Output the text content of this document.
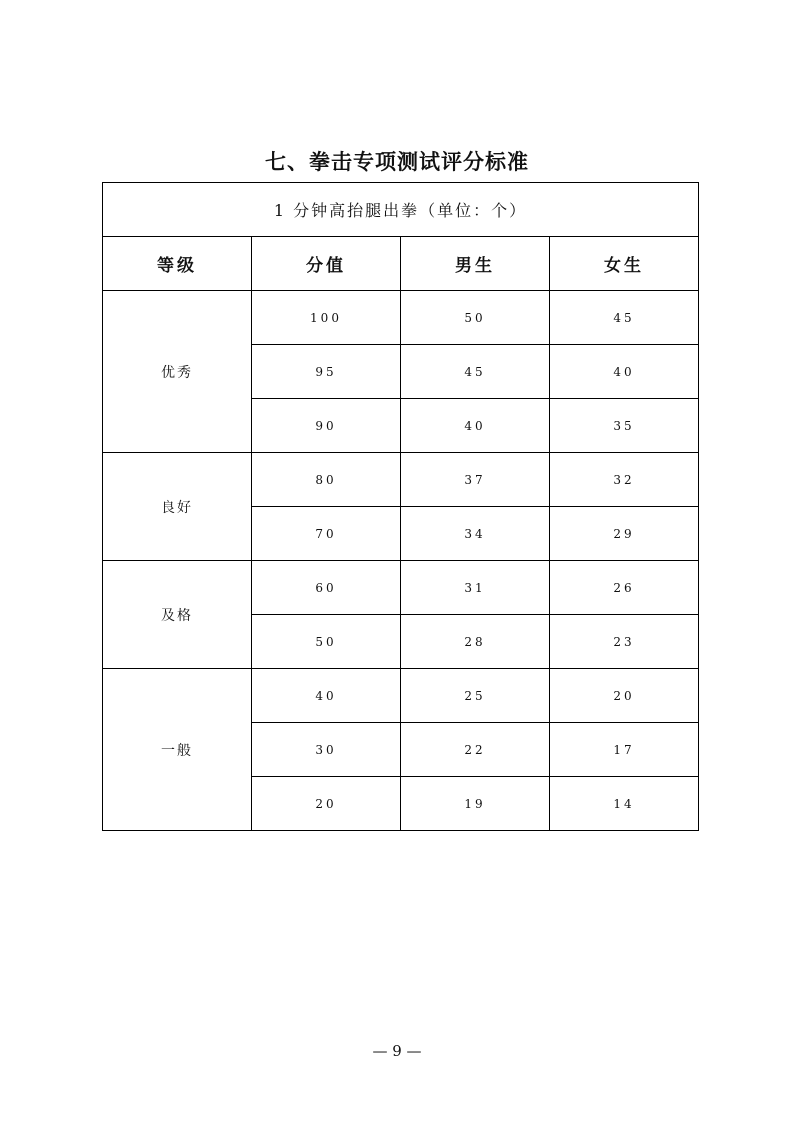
七、拳击专项测试评分标准
1 分钟高抬腿出拳（单位：个）			
等级	分值	男生	女生
优秀	100	50	45
	95	45	40
	90	40	35
良好	80	37	32
	70	34	29
及格	60	31	26
	50	28	23
一般	40	25	20
	30	22	17
	20	19	14
— 9 —
